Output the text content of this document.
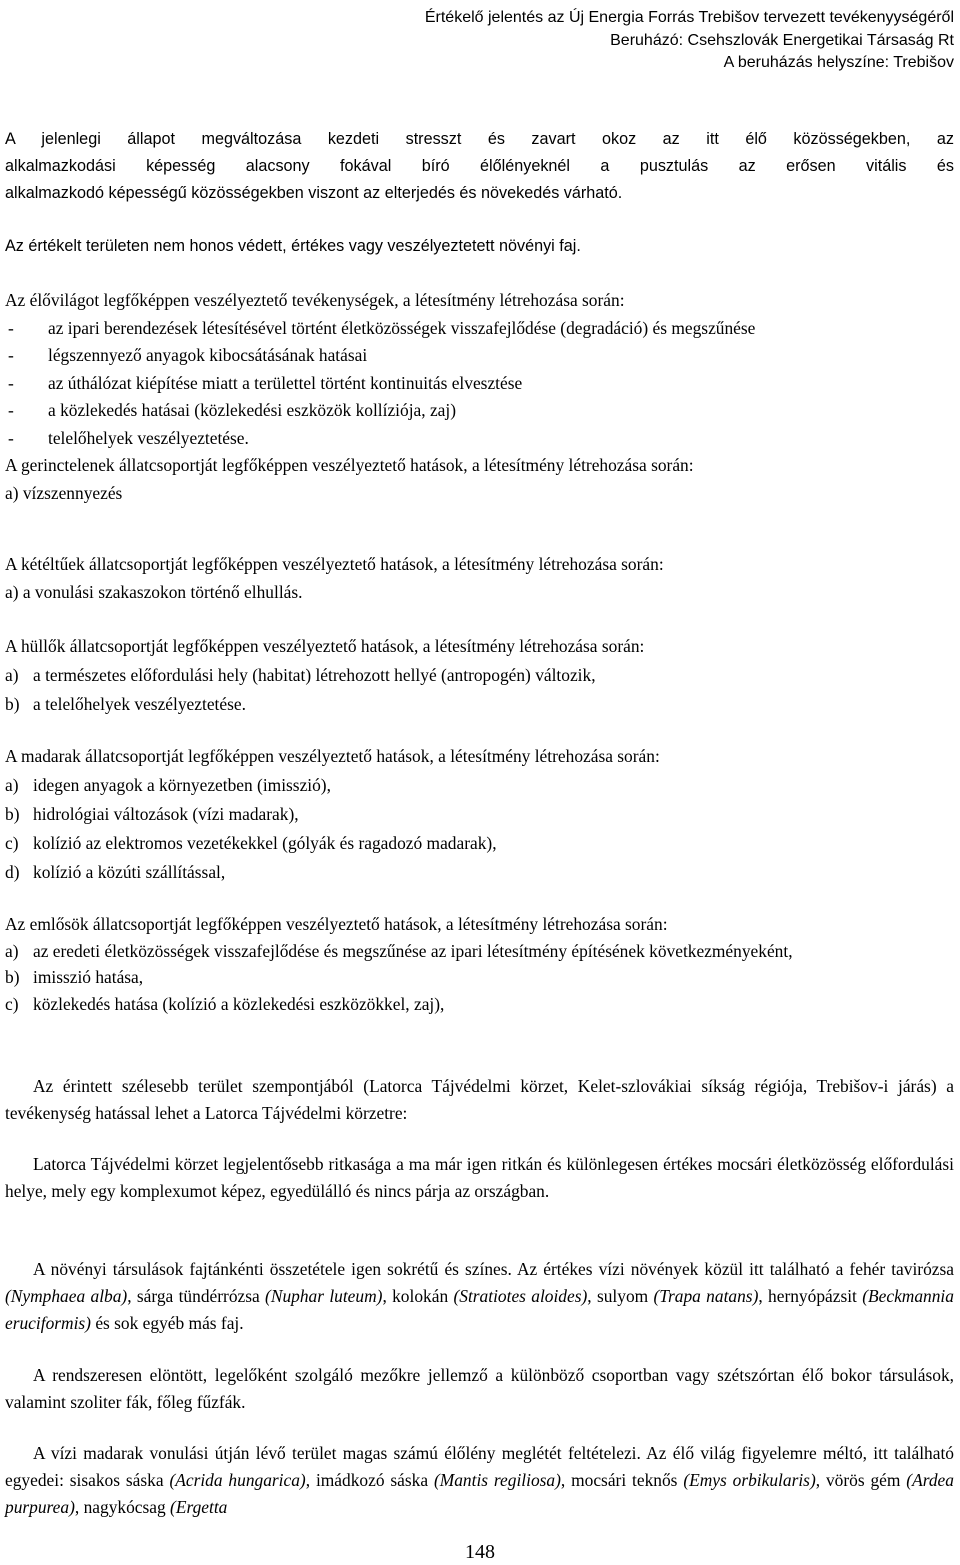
Értékelő jelentés az Új Energia Forrás Trebišov tervezett tevékenyységéről
Beruházó: Csehszlovák Energetikai Társaság Rt
A beruházás helyszíne: Trebišov
A jelenlegi állapot megváltozása kezdeti stresszt és zavart okoz az itt élő közösségekben, az
alkalmazkodási képesség alacsony fokával bíró élőlényeknél a pusztulás az erősen vitális és
alkalmazkodó képességű közösségekben viszont az elterjedés és növekedés várható.
Az értékelt területen nem honos védett, értékes vagy veszélyeztetett növényi faj.
Az élővilágot legfőképpen veszélyeztető tevékenységek, a létesítmény létrehozása során:
- az ipari berendezések létesítésével történt életközösségek visszafejlődése (degradáció) és megszűnése
- légszennyező anyagok kibocsátásának hatásai
- az úthálózat kiépítése miatt a területtel történt kontinuitás elvesztése
- a közlekedés hatásai (közlekedési eszközök kollíziója, zaj)
- telelőhelyek veszélyeztetése.
A gerinctelenek állatcsoportját legfőképpen veszélyeztető hatások, a létesítmény létrehozása során:
a) vízszennyezés
A kétéltűek állatcsoportját legfőképpen veszélyeztető hatások, a létesítmény létrehozása során:
a) a vonulási szakaszokon történő elhullás.
A hüllők állatcsoportját legfőképpen veszélyeztető hatások, a létesítmény létrehozása során:
a) a természetes előfordulási hely (habitat) létrehozott hellyé (antropogén) változik,
b) a telelőhelyek veszélyeztetése.
A madarak állatcsoportját legfőképpen veszélyeztető hatások, a létesítmény létrehozása során:
a) idegen anyagok a környezetben (imisszió),
b) hidrológiai változások (vízi madarak),
c) kolízió az elektromos vezetékekkel (gólyák és ragadozó madarak),
d) kolízió a közúti szállítással,
Az emlősök állatcsoportját legfőképpen veszélyeztető hatások, a létesítmény létrehozása során:
a) az eredeti életközösségek visszafejlődése és megszűnése az ipari létesítmény építésének következményeként,
b) imisszió hatása,
c) közlekedés hatása (kolízió a közlekedési eszközökkel, zaj),
Az érintett szélesebb terület szempontjából (Latorca Tájvédelmi körzet, Kelet-szlovákiai síkság régiója, Trebišov-i járás) a tevékenység hatással lehet a Latorca Tájvédelmi körzetre:
Latorca Tájvédelmi körzet legjelentősebb ritkasága a ma már igen ritkán és különlegesen értékes mocsári életközösség előfordulási helye, mely egy komplexumot képez, egyedülálló és nincs párja az országban.
A növényi társulások fajtánkénti összetétele igen sokrétű és színes. Az értékes vízi növények közül itt található a fehér tavirózsa (Nymphaea alba), sárga tündérrózsa (Nuphar luteum), kolokán (Stratiotes aloides), sulyom (Trapa natans), hernyópázsit (Beckmannia eruciformis) és sok egyéb más faj.
A rendszeresen elöntött, legelőként szolgáló mezőkre jellemző a különböző csoportban vagy szétszórtan élő bokor társulások, valamint szoliter fák, főleg fűzfák.
A vízi madarak vonulási útján lévő terület magas számú élőlény meglétét feltételezi. Az élő világ figyelemre méltó, itt található egyedei: sisakos sáska (Acrida hungarica), imádkozó sáska (Mantis regiliosa), mocsári teknős (Emys orbikularis), vörös gém (Ardea purpurea), nagykócsag (Ergetta
148
